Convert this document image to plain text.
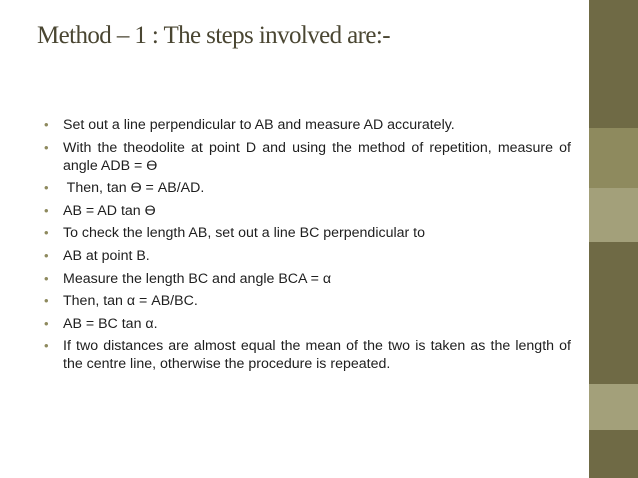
Method – 1 : The steps involved are:-
• Set out a line perpendicular to AB and measure AD accurately.
• With the theodolite at point D and using the method of repetition, measure of angle ADB = Ө
• Then, tan Ө = AB/AD.
• AB = AD tan Ө
• To check the length AB, set out a line BC perpendicular to
• AB at point B.
• Measure the length BC and angle BCA = α
• Then, tan α = AB/BC.
• AB = BC tan α.
• If two distances are almost equal the mean of the two is taken as the length of the centre line, otherwise the procedure is repeated.
